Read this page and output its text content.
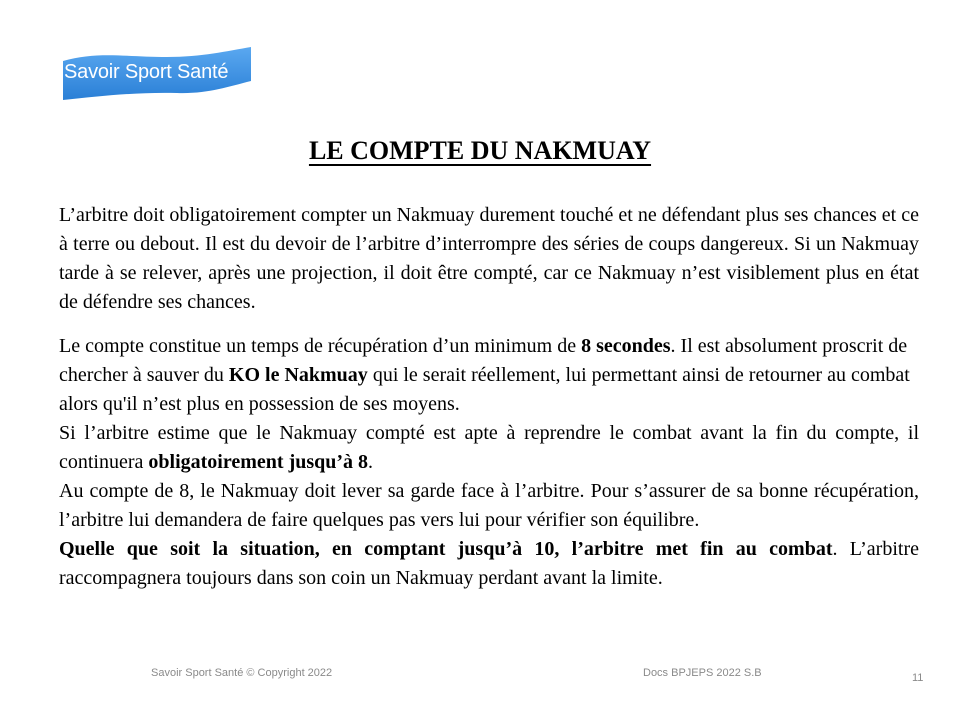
Savoir Sport Santé
LE COMPTE DU NAKMUAY

L’arbitre doit obligatoirement compter un Nakmuay durement touché et ne défendant plus ses chances et ce à terre ou debout. Il est du devoir de l’arbitre d’interrompre des séries de coups dangereux. Si un Nakmuay tarde à se relever, après une projection, il doit être compté, car ce Nakmuay n’est visiblement plus en état de défendre ses chances.

Le compte constitue un temps de récupération d’un minimum de 8 secondes. Il est absolument proscrit de chercher à sauver du KO le Nakmuay qui le serait réellement, lui permettant ainsi de retourner au combat alors qu'il n’est plus en possession de ses moyens.

Si l’arbitre estime que le Nakmuay compté est apte à reprendre le combat avant la fin du compte, il continuera obligatoirement jusqu’à 8.

Au compte de 8, le Nakmuay doit lever sa garde face à l’arbitre. Pour s’assurer de sa bonne récupération, l’arbitre lui demandera de faire quelques pas vers lui pour vérifier son équilibre.

Quelle que soit la situation, en comptant jusqu’à 10, l’arbitre met fin au combat. L’arbitre raccompagnera toujours dans son coin un Nakmuay perdant avant la limite.

Savoir Sport Santé © Copyright 2022	Docs BPJEPS 2022 S.B	11
